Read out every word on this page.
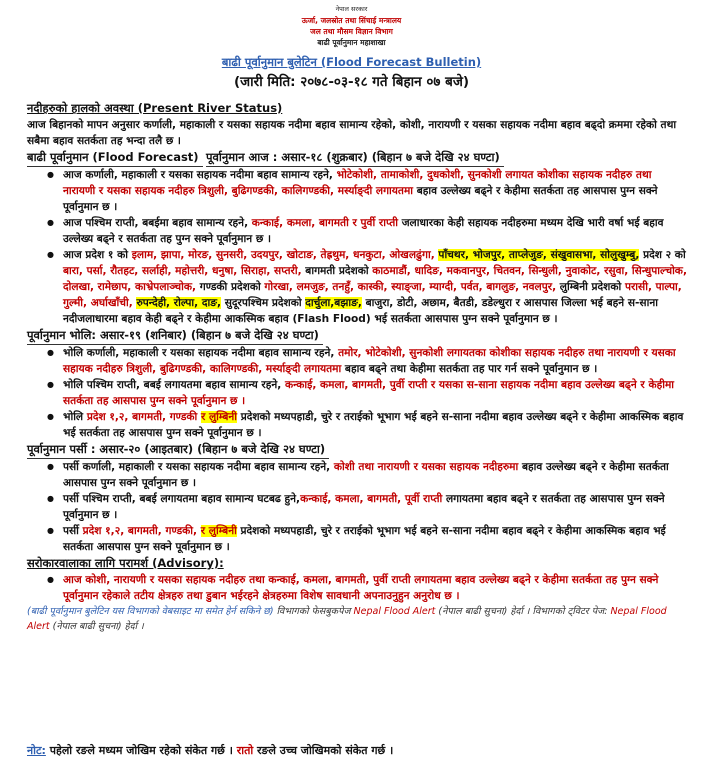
नेपाल सरकार
ऊर्जा, जलस्रोत तथा सिंचाई मन्त्रालय
जल तथा मौसम विज्ञान विभाग
बाढी पूर्वानुमान महाशाखा
बाढी पूर्वानुमान बुलेटिन (Flood Forecast Bulletin)
(जारी मिति: २०७८-०३-१८ गते बिहान ०७ बजे)
नदीहरुको हालको अवस्था (Present River Status)
आज बिहानको मापन अनुसार कर्णाली, महाकाली र यसका सहायक नदीमा बहाव सामान्य रहेको, कोशी, नारायणी र यसका सहायक नदीमा बहाव बढ्दो क्रममा रहेको तथा सबैमा बहाव सतर्कता तह भन्दा तलै छ ।
बाढी पूर्वानुमान (Flood Forecast) पूर्वानुमान आज : असार-१८ (शुक्रबार) (बिहान ७ बजे देखि २४ घण्टा)
● आज कर्णाली, महाकाली र यसका सहायक नदीमा बहाव सामान्य रहने, भोटेकोशी, तामाकोशी, दुधकोशी, सुनकोशी लगायत कोशीका सहायक नदीहरु तथा नारायणी र यसका सहायक नदीहरु त्रिशुली, बुढिगण्डकी, कालिगण्डकी, मर्स्याङ्दी लगायतमा बहाव उल्लेख्य बढ्ने र केहीमा सतर्कता तह आसपास पुग्न सक्ने पूर्वानुमान छ ।
● आज पश्चिम राप्ती, बबईमा बहाव सामान्य रहने, कन्काई, कमला, बागमती र पुर्वी राप्ती जलाधारका केही सहायक नदीहरुमा मध्यम देखि भारी वर्षा भई बहाव उल्लेख्य बढ्ने र सतर्कता तह पुग्न सक्ने पूर्वानुमान छ ।
● आज प्रदेश १ को इलाम, झापा, मोरङ, सुनसरी, उदयपुर, खोटाङ, तेह्रथुम, धनकुटा, ओखलढुंगा, पाँचथर, भोजपुर, ताप्लेजुङ, संखुवासभा, सोलुखुम्बु, प्रदेश २ को बारा, पर्सा, रौतहट, सर्लाही, महोत्तरी, धनुषा, सिराहा, सप्तरी, बागमती प्रदेशको काठमाडौं, धादिङ, मकवानपुर, चितवन, सिन्धुली, नुवाकोट, रसुवा, सिन्धुपाल्चोक, दोलखा, रामेछाप, काभ्रेपलाञ्चोक, गण्डकी प्रदेशको गोरखा, लमजुङ, तनहुँ, कास्की, स्याङ्जा, म्याग्दी, पर्वत, बागलुङ, नवलपुर, लुम्बिनी प्रदेशको परासी, पाल्पा, गुल्मी, अर्घाखाँची, रुपन्देही, रोल्पा, दाङ, सुदूरपश्चिम प्रदेशको दार्चुला,बझाङ, बाजुरा, डोटी, अछाम, बैतडी, डडेल्धुरा र आसपास जिल्ला भई बहने स-साना नदीजलाधारमा बहाव केही बढ्ने र केहीमा आकस्मिक बहाव (Flash Flood) भई सतर्कता आसपास पुग्न सक्ने पूर्वानुमान छ ।
पूर्वानुमान भोलि: असार-१९ (शनिबार) (बिहान ७ बजे देखि २४ घण्टा)
● भोलि कर्णाली, महाकाली र यसका सहायक नदीमा बहाव सामान्य रहने, तमोर, भोटेकोशी, सुनकोशी लगायतका कोशीका सहायक नदीहरु तथा नारायणी र यसका सहायक नदीहरु त्रिशुली, बुढिगण्डकी, कालिगण्डकी, मर्स्याङ्दी लगायतमा बहाव बढ्ने तथा केहीमा सतर्कता तह पार गर्न सक्ने पूर्वानुमान छ ।
● भोलि पश्चिम राप्ती, बबई लगायतमा बहाव सामान्य रहने, कन्काई, कमला, बागमती, पुर्वी राप्ती र यसका स-साना सहायक नदीमा बहाव उल्लेख्य बढ्ने र केहीमा सतर्कता तह आसपास पुग्न सक्ने पूर्वानुमान छ ।
● भोलि प्रदेश १,२, बागमती, गण्डकी र लुम्बिनी प्रदेशको मध्यपहाडी, चुरे र तराईको भूभाग भई बहने स-साना नदीमा बहाव उल्लेख्य बढ्ने र केहीमा आकस्मिक बहाव भई सतर्कता तह आसपास पुग्न सक्ने पूर्वानुमान छ ।
पूर्वानुमान पर्सी : असार-२० (आइतबार) (बिहान ७ बजे देखि २४ घण्टा)
● पर्सी कर्णाली, महाकाली र यसका सहायक नदीमा बहाव सामान्य रहने, कोशी तथा नारायणी र यसका सहायक नदीहरुमा बहाव उल्लेख्य बढ्ने र केहीमा सतर्कता आसपास पुग्न सक्ने पूर्वानुमान छ ।
● पर्सी पश्चिम राप्ती, बबई लगायतमा बहाव सामान्य घटबढ हुने,कन्काई, कमला, बागमती, पूर्वी राप्ती लगायतमा बहाव बढ्ने र सतर्कता तह आसपास पुग्न सक्ने पूर्वानुमान छ ।
● पर्सी प्रदेश १,२, बागमती, गण्डकी, र लुम्बिनी प्रदेशको मध्यपहाडी, चुरे र तराईको भूभाग भई बहने स-साना नदीमा बहाव बढ्ने र केहीमा आकस्मिक बहाव भई सतर्कता आसपास पुग्न सक्ने पूर्वानुमान छ ।
सरोकारवालाका लागि परामर्श (Advisory):
● आज कोशी, नारायणी र यसका सहायक नदीहरु तथा कन्काई, कमला, बागमती, पुर्वी राप्ती लगायतमा बहाव उल्लेख्य बढ्ने र केहीमा सतर्कता तह पुग्न सक्ने पूर्वानुमान रहेकाले तटीय क्षेत्रहरु तथा डुबान भईरहने क्षेत्रहरुमा विशेष सावधानी अपनाउनुहुन अनुरोध छ ।
(बाढी पूर्वानुमान बुलेटिन यस विभागको वेबसाइट मा समेत हेर्न सकिने छ) विभागको फेसबुकपेज Nepal Flood Alert (नेपाल बाढी सुचना) हेर्दा । विभागको ट्विटर पेज: Nepal Flood Alert (नेपाल बाढी सुचना) हेर्दा ।
नोट: पहेलो रङले मध्यम जोखिम रहेको संकेत गर्छ । रातो रङले उच्च जोखिमको संकेत गर्छ ।
